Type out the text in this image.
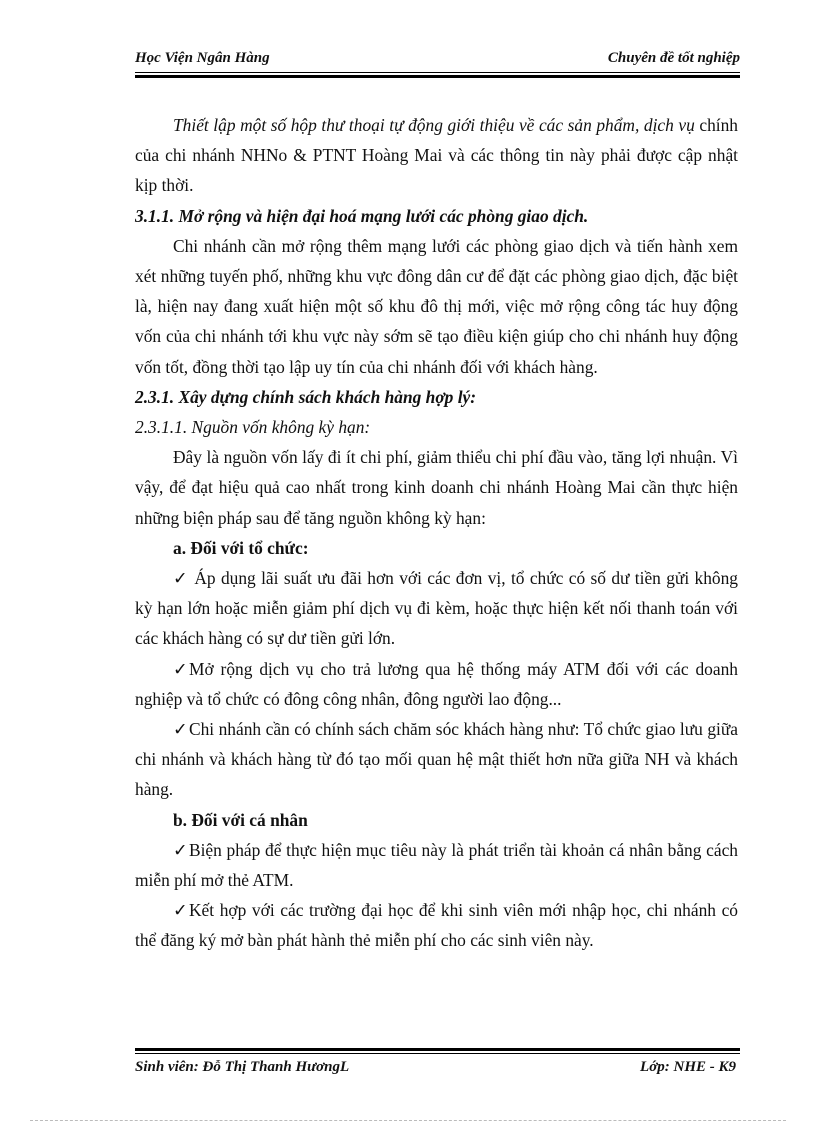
Học Viện Ngân Hàng	Chuyên đề tốt nghiệp

Thiết lập một số hộp thư thoại tự động giới thiệu về các sản phẩm, dịch vụ chính của chi nhánh NHNo & PTNT Hoàng Mai và các thông tin này phải được cập nhật kịp thời.

3.1.1. Mở rộng và hiện đại hoá mạng lưới các phòng giao dịch.

Chi nhánh cần mở rộng thêm mạng lưới các phòng giao dịch và tiến hành xem xét những tuyến phố, những khu vực đông dân cư để đặt các phòng giao dịch, đặc biệt là, hiện nay đang xuất hiện một số khu đô thị mới, việc mở rộng công tác huy động vốn của chi nhánh tới khu vực này sớm sẽ tạo điều kiện giúp cho chi nhánh huy động vốn tốt, đồng thời tạo lập uy tín của chi nhánh đối với khách hàng.

2.3.1. Xây dựng chính sách khách hàng hợp lý:

2.3.1.1. Nguồn vốn không kỳ hạn:

Đây là nguồn vốn lấy đi ít chi phí, giảm thiểu chi phí đầu vào, tăng lợi nhuận. Vì vậy, để đạt hiệu quả cao nhất trong kinh doanh chi nhánh Hoàng Mai cần thực hiện những biện pháp sau để tăng nguồn không kỳ hạn:

a. Đối với tổ chức:

✓ Áp dụng lãi suất ưu đãi hơn với các đơn vị, tổ chức có số dư tiền gửi không kỳ hạn lớn hoặc miễn giảm phí dịch vụ đi kèm, hoặc thực hiện kết nối thanh toán với các khách hàng có sự dư tiền gửi lớn.

✓Mở rộng dịch vụ cho trả lương qua hệ thống máy ATM đối với các doanh nghiệp và tổ chức có đông công nhân, đông người lao động...

✓Chi nhánh cần có chính sách chăm sóc khách hàng như: Tổ chức giao lưu giữa chi nhánh và khách hàng từ đó tạo mối quan hệ mật thiết hơn nữa giữa NH và khách hàng.

b. Đối với cá nhân

✓Biện pháp để thực hiện mục tiêu này là phát triển tài khoản cá nhân bằng cách miễn phí mở thẻ ATM.

✓Kết hợp với các trường đại học để khi sinh viên mới nhập học, chi nhánh có thể đăng ký mở bàn phát hành thẻ miễn phí cho các sinh viên này.

Sinh viên: Đỗ Thị Thanh HươngL	Lớp: NHE - K9
